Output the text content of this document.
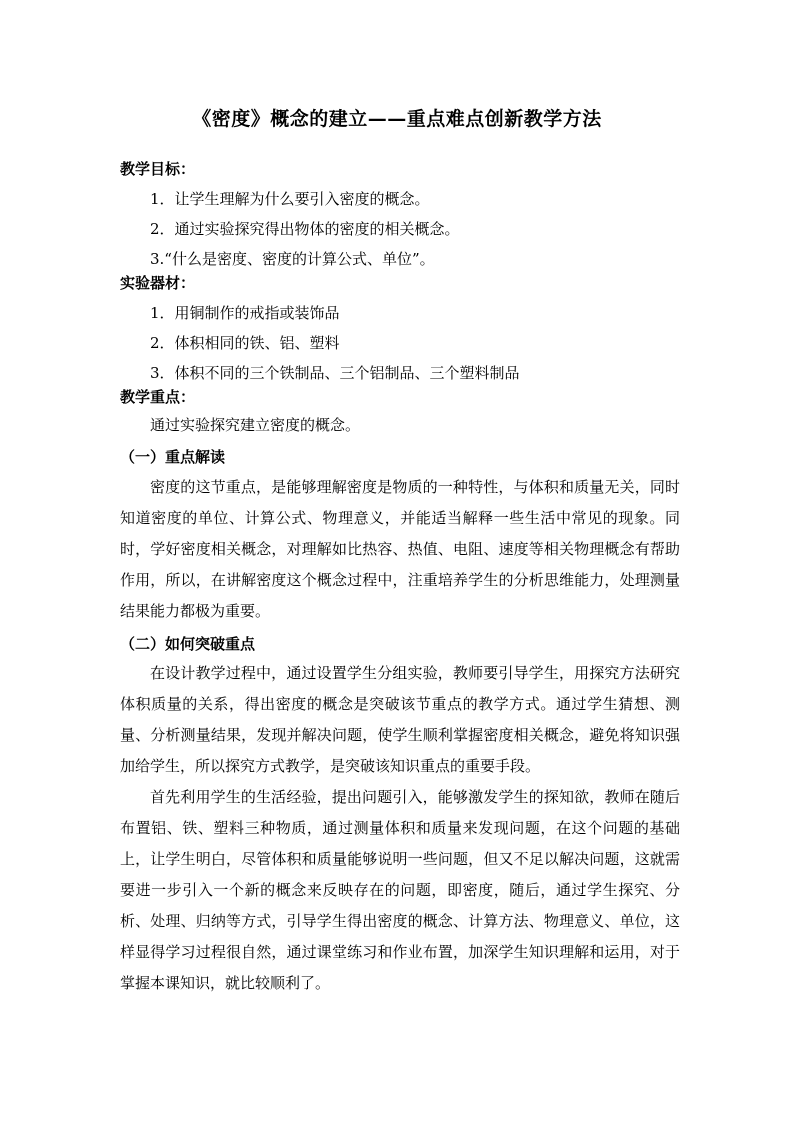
《密度》概念的建立——重点难点创新教学方法
教学目标：
1．让学生理解为什么要引入密度的概念。
2．通过实验探究得出物体的密度的相关概念。
3.“什么是密度、密度的计算公式、单位”。
实验器材：
1．用铜制作的戒指或装饰品
2．体积相同的铁、铝、塑料
3．体积不同的三个铁制品、三个铝制品、三个塑料制品
教学重点：
通过实验探究建立密度的概念。
（一）重点解读

密度的这节重点，是能够理解密度是物质的一种特性，与体积和质量无关，同时知道密度的单位、计算公式、物理意义，并能适当解释一些生活中常见的现象。同时，学好密度相关概念，对理解如比热容、热值、电阻、速度等相关物理概念有帮助作用，所以，在讲解密度这个概念过程中，注重培养学生的分析思维能力，处理测量结果能力都极为重要。

（二）如何突破重点

在设计教学过程中，通过设置学生分组实验，教师要引导学生，用探究方法研究体积质量的关系，得出密度的概念是突破该节重点的教学方式。通过学生猜想、测量、分析测量结果，发现并解决问题，使学生顺利掌握密度相关概念，避免将知识强加给学生，所以探究方式教学，是突破该知识重点的重要手段。

首先利用学生的生活经验，提出问题引入，能够激发学生的探知欲，教师在随后布置铝、铁、塑料三种物质，通过测量体积和质量来发现问题，在这个问题的基础上，让学生明白，尽管体积和质量能够说明一些问题，但又不足以解决问题，这就需要进一步引入一个新的概念来反映存在的问题，即密度，随后，通过学生探究、分析、处理、归纳等方式，引导学生得出密度的概念、计算方法、物理意义、单位，这样显得学习过程很自然，通过课堂练习和作业布置，加深学生知识理解和运用，对于掌握本课知识，就比较顺利了。
